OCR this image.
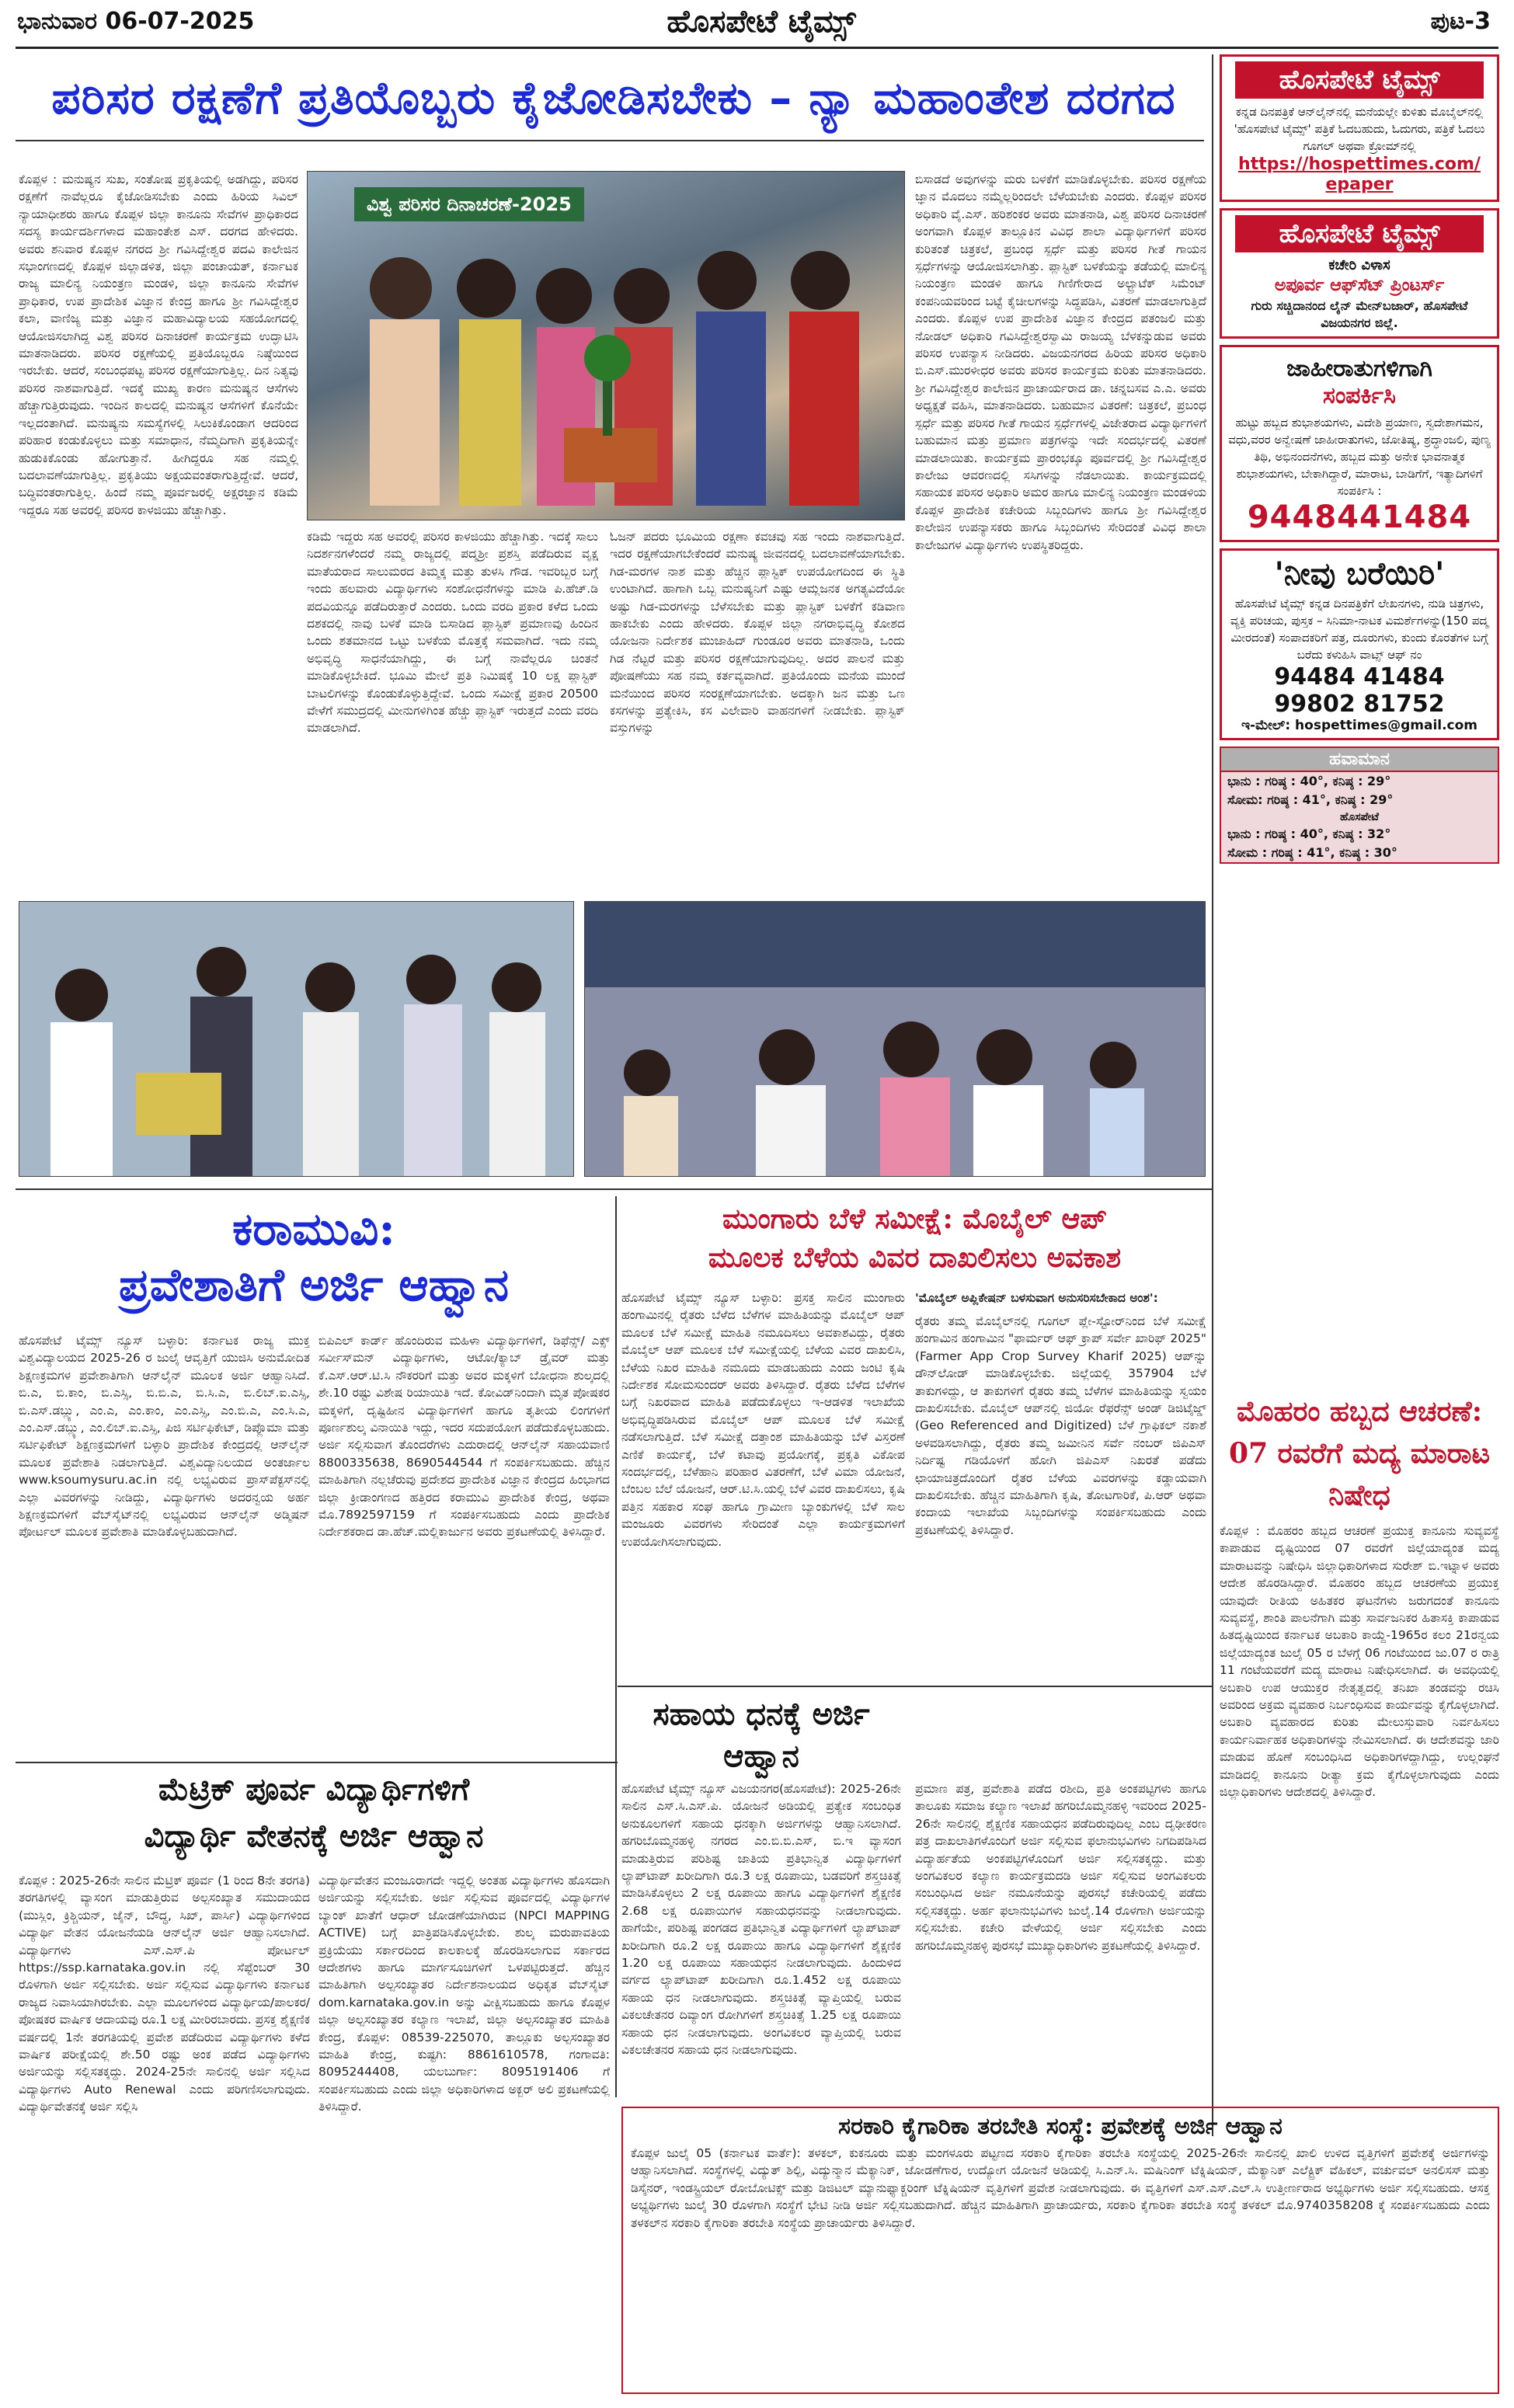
ಭಾನುವಾರ 06-07-2025	ಹೊಸಪೇಟೆ ಟೈಮ್ಸ್	ಪುಟ-3
ಪರಿಸರ ರಕ್ಷಣೆಗೆ ಪ್ರತಿಯೊಬ್ಬರು ಕೈಜೋಡಿಸಬೇಕು – ನ್ಯಾ ಮಹಾಂತೇಶ ದರಗದ
ಕೊಪ್ಪಳ : ಮನುಷ್ಯನ ಸುಖ, ಸಂತೋಷ ಪ್ರಕೃತಿಯಲ್ಲಿ ಅಡಗಿದ್ದು, ಪರಿಸರ ರಕ್ಷಣೆಗೆ ನಾವೆಲ್ಲರೂ ಕೈಜೋಡಿಸಬೇಕು ಎಂದು ಹಿರಿಯ ಸಿವಿಲ್ ನ್ಯಾಯಾಧೀಶರು ಹಾಗೂ ಕೊಪ್ಪಳ ಜಿಲ್ಲಾ ಕಾನೂನು ಸೇವೆಗಳ ಪ್ರಾಧಿಕಾರದ ಸದಸ್ಯ ಕಾರ್ಯದರ್ಶಿಗಳಾದ ಮಹಾಂತೇಶ ಎಸ್. ದರಗದ ಹೇಳಿದರು. ಅವರು ಶನಿವಾರ ಕೊಪ್ಪಳ ನಗರದ ಶ್ರೀ ಗವಿಸಿದ್ದೇಶ್ವರ ಪದವಿ ಕಾಲೇಜಿನ ಸಭಾಂಗಣದಲ್ಲಿ ಕೊಪ್ಪಳ ಜಿಲ್ಲಾಡಳಿತ, ಜಿಲ್ಲಾ ಪಂಚಾಯತ್, ಕರ್ನಾಟಕ ರಾಜ್ಯ ಮಾಲಿನ್ಯ ನಿಯಂತ್ರಣ ಮಂಡಳಿ, ಜಿಲ್ಲಾ ಕಾನೂನು ಸೇವೆಗಳ ಪ್ರಾಧಿಕಾರ, ಉಪ ಪ್ರಾದೇಶಿಕ ವಿಜ್ಞಾನ ಕೇಂದ್ರ ಹಾಗೂ ಶ್ರೀ ಗವಿಸಿದ್ದೇಶ್ವರ ಕಲಾ, ವಾಣಿಜ್ಯ ಮತ್ತು ವಿಜ್ಞಾನ ಮಹಾವಿದ್ಯಾಲಯ ಸಹಯೋಗದಲ್ಲಿ ಆಯೋಜಿಸಲಾಗಿದ್ದ ವಿಶ್ವ ಪರಿಸರ ದಿನಾಚರಣೆ ಕಾರ್ಯಕ್ರಮ ಉದ್ಘಾಟಿಸಿ ಮಾತನಾಡಿದರು. ಪರಿಸರ ರಕ್ಷಣೆಯಲ್ಲಿ ಪ್ರತಿಯೊಬ್ಬರೂ ನಿಷ್ಠೆಯಿಂದ ಇರಬೇಕು. ಆದರೆ, ಸಂಬಂಧಪಟ್ಟ ಪರಿಸರ ರಕ್ಷಣೆಯಾಗುತ್ತಿಲ್ಲ. ದಿನ ನಿತ್ಯವು ಪರಿಸರ ನಾಶವಾಗುತ್ತಿದೆ. ಇದಕ್ಕೆ ಮುಖ್ಯ ಕಾರಣ ಮನುಷ್ಯನ ಆಸೆಗಳು ಹೆಚ್ಚಾಗುತ್ತಿರುವುದು. ಇಂದಿನ ಕಾಲದಲ್ಲಿ ಮನುಷ್ಯನ ಆಸೆಗಳಿಗೆ ಕೊನೆಯೇ ಇಲ್ಲದಂತಾಗಿದೆ. ಮನುಷ್ಯನು ಸಮಸ್ಯೆಗಳಲ್ಲಿ ಸಿಲುಕಿಕೊಂಡಾಗ ಆದರಿಂದ ಪರಿಹಾರ ಕಂಡುಕೊಳ್ಳಲು ಮತ್ತು ಸಮಾಧಾನ, ನೆಮ್ಮದಿಗಾಗಿ ಪ್ರಕೃತಿಯನ್ನೇ ಹುಡುಕಿಕೊಂಡು ಹೋಗುತ್ತಾನೆ. ಹೀಗಿದ್ದರೂ ಸಹ ನಮ್ಮಲ್ಲಿ ಬದಲಾವಣೆಯಾಗುತ್ತಿಲ್ಲ. ಪ್ರಕೃತಿಯು ಅಕ್ಷಯವಂತರಾಗುತ್ತಿದ್ದೇವೆ. ಆದರೆ, ಬದ್ಧಿವಂತರಾಗುತ್ತಿಲ್ಲ. ಹಿಂದೆ ನಮ್ಮ ಪೂರ್ವಜರಲ್ಲಿ ಅಕ್ಷರಜ್ಞಾನ ಕಡಿಮೆ ಇದ್ದರೂ ಸಹ ಅವರಲ್ಲಿ ಪರಿಸರ ಕಾಳಜಿಯು ಹೆಚ್ಚಾಗಿತ್ತು.
ವಿಶ್ವ ಪರಿಸರ ದಿನಾಚರಣೆ-2025
ಕಡಿಮೆ ಇದ್ದರು ಸಹ ಅವರಲ್ಲಿ ಪರಿಸರ ಕಾಳಜಿಯು ಹೆಚ್ಚಾಗಿತ್ತು. ಇದಕ್ಕೆ ಸಾಲು ನಿದರ್ಶನಗಳೆಂದರೆ ನಮ್ಮ ರಾಜ್ಯದಲ್ಲಿ ಪದ್ಮಶ್ರೀ ಪ್ರಶಸ್ತಿ ಪಡೆದಿರುವ ವೃಕ್ಷ ಮಾತೆಯರಾದ ಸಾಲುಮರದ ತಿಮ್ಮಕ್ಕ ಮತ್ತು ತುಳಸಿ ಗೌಡ. ಇವರಿಬ್ಬರ ಬಗ್ಗೆ ಇಂದು ಹಲವಾರು ವಿದ್ಯಾರ್ಥಿಗಳು ಸಂಶೋಧನೆಗಳನ್ನು ಮಾಡಿ ಪಿ.ಹೆಚ್.ಡಿ ಪದವಿಯನ್ನೂ ಪಡೆದಿರುತ್ತಾರೆ ಎಂದರು. ಒಂದು ವರದಿ ಪ್ರಕಾರ ಕಳೆದ ಒಂದು ದಶಕದಲ್ಲಿ ನಾವು ಬಳಕೆ ಮಾಡಿ ಬಿಸಾಡಿದ ಪ್ಲಾಸ್ಟಿಕ್ ಪ್ರಮಾಣವು ಹಿಂದಿನ ಒಂದು ಶತಮಾನದ ಒಟ್ಟು ಬಳಕೆಯ ಮೊತ್ತಕ್ಕೆ ಸಮವಾಗಿದೆ. ಇದು ನಮ್ಮ ಅಭಿವೃದ್ಧಿ ಸಾಧನೆಯಾಗಿದ್ದು, ಈ ಬಗ್ಗೆ ನಾವೆಲ್ಲರೂ ಚಿಂತನೆ ಮಾಡಿಕೊಳ್ಳಬೇಕಿದೆ. ಭೂಮಿ ಮೇಲೆ ಪ್ರತಿ ನಿಮಿಷಕ್ಕೆ 10 ಲಕ್ಷ ಪ್ಲಾಸ್ಟಿಕ್ ಬಾಟಲಿಗಳನ್ನು ಕೊಂಡುಕೊಳ್ಳುತ್ತಿದ್ದೇವೆ. ಒಂದು ಸಮೀಕ್ಷೆ ಪ್ರಕಾರ 20500 ವೇಳೆಗೆ ಸಮುದ್ರದಲ್ಲಿ ಮೀನುಗಳಿಗಿಂತ ಹೆಚ್ಚು ಪ್ಲಾಸ್ಟಿಕ್ ಇರುತ್ತದೆ ಎಂದು ವರದಿ ಮಾಡಲಾಗಿದೆ.
ಓಜನ್ ಪದರು ಭೂಮಿಯ ರಕ್ಷಣಾ ಕವಚವು ಸಹ ಇಂದು ನಾಶವಾಗುತ್ತಿದೆ. ಇದರ ರಕ್ಷಣೆಯಾಗಬೇಕೆಂದರೆ ಮನುಷ್ಯ ಜೀವನದಲ್ಲಿ ಬದಲಾವಣೆಯಾಗಬೇಕು. ಗಿಡ-ಮರಗಳ ನಾಶ ಮತ್ತು ಹೆಚ್ಚಿನ ಪ್ಲಾಸ್ಟಿಕ್ ಉಪಯೋಗದಿಂದ ಈ ಸ್ಥಿತಿ ಉಂಟಾಗಿದೆ. ಹಾಗಾಗಿ ಒಬ್ಬ ಮನುಷ್ಯನಿಗೆ ಎಷ್ಟು ಆಮ್ಲಜನಕ ಅಗತ್ಯವಿದೆಯೋ ಅಷ್ಟು ಗಿಡ-ಮರಗಳನ್ನು ಬೆಳೆಸಬೇಕು ಮತ್ತು ಪ್ಲಾಸ್ಟಿಕ್ ಬಳಕೆಗೆ ಕಡಿವಾಣ ಹಾಕಬೇಕು ಎಂದು ಹೇಳಿದರು. ಕೊಪ್ಪಳ ಜಿಲ್ಲಾ ನಗರಾಭಿವೃದ್ಧಿ ಕೋಶದ ಯೋಜನಾ ನಿರ್ದೇಶಕ ಮುಜಾಹಿದ್ ಗುಂಡೂರ ಅವರು ಮಾತನಾಡಿ, ಒಂದು ಗಿಡ ನೆಟ್ಟರೆ ಮತ್ತು ಪರಿಸರ ರಕ್ಷಣೆಯಾಗುವುದಿಲ್ಲ. ಅದರ ಪಾಲನೆ ಮತ್ತು ಪೋಷಣೆಯು ಸಹ ನಮ್ಮ ಕರ್ತವ್ಯವಾಗಿದೆ. ಪ್ರತಿಯೊಂದು ಮನೆಯ ಮುಂದೆ ಮನೆಯಿಂದ ಪರಿಸರ ಸಂರಕ್ಷಣೆಯಾಗಬೇಕು. ಅದಕ್ಕಾಗಿ ಜನ ಮತ್ತು ಒಣ ಕಸಗಳನ್ನು ಪ್ರತ್ಯೇಕಿಸಿ, ಕಸ ವಿಲೇವಾರಿ ವಾಹನಗಳಿಗೆ ನೀಡಬೇಕು. ಪ್ಲಾಸ್ಟಿಕ್ ವಸ್ತುಗಳನ್ನು
ಬಿಸಾಡದೆ ಅವುಗಳನ್ನು ಮರು ಬಳಕೆಗೆ ಮಾಡಿಕೊಳ್ಳಬೇಕು. ಪರಿಸರ ರಕ್ಷಣೆಯ ಜ್ಞಾನ ಮೊದಲು ನಮ್ಮೆಲ್ಲರಿಂದಲೇ ಬೆಳೆಯಬೇಕು ಎಂದರು. ಕೊಪ್ಪಳ ಪರಿಸರ ಅಧಿಕಾರಿ ವೈ.ಎಸ್. ಹರಿಶಂಕರ ಅವರು ಮಾತನಾಡಿ, ವಿಶ್ವ ಪರಿಸರ ದಿನಾಚರಣೆ ಅಂಗವಾಗಿ ಕೊಪ್ಪಳ ತಾಲ್ಲೂಕಿನ ವಿವಿಧ ಶಾಲಾ ವಿದ್ಯಾರ್ಥಿಗಳಿಗೆ ಪರಿಸರ ಕುರಿತಂತೆ ಚಿತ್ರಕಲೆ, ಪ್ರಬಂಧ ಸ್ಪರ್ಧೆ ಮತ್ತು ಪರಿಸರ ಗೀತೆ ಗಾಯನ ಸ್ಪರ್ಧೆಗಳನ್ನು ಆಯೋಜಿಸಲಾಗಿತ್ತು. ಪ್ಲಾಸ್ಟಿಕ್ ಬಳಕೆಯನ್ನು ತಡೆಯಲ್ಲಿ ಮಾಲಿನ್ಯ ನಿಯಂತ್ರಣ ಮಂಡಳಿ ಹಾಗೂ ಗಿಣಿಗೇರಾದ ಅಲ್ಟ್ರಾಟೆಕ್ ಸಿಮೆಂಟ್ ಕಂಪನಿಯವರಿಂದ ಬಟ್ಟೆ ಕೈಚೀಲಗಳನ್ನು ಸಿದ್ಧಪಡಿಸಿ, ವಿತರಣೆ ಮಾಡಲಾಗುತ್ತಿದೆ ಎಂದರು. ಕೊಪ್ಪಳ ಉಪ ಪ್ರಾದೇಶಿಕ ವಿಜ್ಞಾನ ಕೇಂದ್ರದ ಪತಂಜಲಿ ಮತ್ತು ನೋಡಲ್ ಅಧಿಕಾರಿ ಗವಿಸಿದ್ದೇಶ್ವರಸ್ವಾಮಿ ರಾಜಯ್ಯ ಬೆಳಕನ್ನುಡುವ ಅವರು ಪರಿಸರ ಉಪನ್ಯಾಸ ನೀಡಿದರು. ವಿಜಯನಗರದ ಹಿರಿಯ ಪರಿಸರ ಅಧಿಕಾರಿ ಬಿ.ಎಸ್.ಮುರಳೀಧರ ಅವರು ಪರಿಸರ ಕಾರ್ಯಕ್ರಮ ಕುರಿತು ಮಾತನಾಡಿದರು. ಶ್ರೀ ಗವಿಸಿದ್ದೇಶ್ವರ ಕಾಲೇಜಿನ ಪ್ರಾಚಾರ್ಯರಾದ ಡಾ. ಚನ್ನಬಸವ ಎ.ಎ. ಅವರು ಅಧ್ಯಕ್ಷತೆ ವಹಿಸಿ, ಮಾತನಾಡಿದರು. ಬಹುಮಾನ ವಿತರಣೆ: ಚಿತ್ರಕಲೆ, ಪ್ರಬಂಧ ಸ್ಪರ್ಧೆ ಮತ್ತು ಪರಿಸರ ಗೀತೆ ಗಾಯನ ಸ್ಪರ್ಧೆಗಳಲ್ಲಿ ವಿಜೇತರಾದ ವಿದ್ಯಾರ್ಥಿಗಳಿಗೆ ಬಹುಮಾನ ಮತ್ತು ಪ್ರಮಾಣ ಪತ್ರಗಳನ್ನು ಇದೇ ಸಂದರ್ಭದಲ್ಲಿ ವಿತರಣೆ ಮಾಡಲಾಯಿತು. ಕಾರ್ಯಕ್ರಮ ಪ್ರಾರಂಭಕ್ಕೂ ಪೂರ್ವದಲ್ಲಿ ಶ್ರೀ ಗವಿಸಿದ್ದೇಶ್ವರ ಕಾಲೇಜು ಆವರಣದಲ್ಲಿ ಸಸಿಗಳನ್ನು ನೆಡಲಾಯಿತು. ಕಾರ್ಯಕ್ರಮದಲ್ಲಿ ಸಹಾಯಕ ಪರಿಸರ ಅಧಿಕಾರಿ ಅಮರ ಹಾಗೂ ಮಾಲಿನ್ಯ ನಿಯಂತ್ರಣ ಮಂಡಳಿಯ ಕೊಪ್ಪಳ ಪ್ರಾದೇಶಿಕ ಕಚೇರಿಯ ಸಿಬ್ಬಂದಿಗಳು ಹಾಗೂ ಶ್ರೀ ಗವಿಸಿದ್ದೇಶ್ವರ ಕಾಲೇಜಿನ ಉಪನ್ಯಾಸಕರು ಹಾಗೂ ಸಿಬ್ಬಂದಿಗಳು ಸೇರಿದಂತೆ ವಿವಿಧ ಶಾಲಾ ಕಾಲೇಜುಗಳ ವಿದ್ಯಾರ್ಥಿಗಳು ಉಪಸ್ಥಿತರಿದ್ದರು.
ಹೊಸಪೇಟೆ ಟೈಮ್ಸ್
ಕನ್ನಡ ದಿನಪತ್ರಿಕೆ ಆನ್‌ಲೈನ್‌ನಲ್ಲಿ ಮನೆಯಲ್ಲೇ ಕುಳಿತು ಮೊಬೈಲ್‌ನಲ್ಲಿ 'ಹೊಸಪೇಟೆ ಟೈಮ್ಸ್' ಪತ್ರಿಕೆ ಓದಬಹುದು, ಓದುಗರು, ಪತ್ರಿಕೆ ಓದಲು ಗೂಗಲ್ ಅಥವಾ ಕ್ರೋಮ್‌ನಲ್ಲಿ
https://hospettimes.com/ epaper
ಹೊಸಪೇಟೆ ಟೈಮ್ಸ್
ಕಚೇರಿ ವಿಳಾಸ
ಅಪೂರ್ವ ಆಫ್‌ಸೆಟ್ ಪ್ರಿಂಟರ್ಸ್
ಗುರು ಸಚ್ಚಿದಾನಂದ ಲೈನ್ ಮೇನ್‌ಬಜಾರ್, ಹೊಸಪೇಟೆ ವಿಜಯನಗರ ಜಿಲ್ಲೆ.
ಜಾಹೀರಾತುಗಳಿಗಾಗಿ
ಸಂಪರ್ಕಿಸಿ
ಹುಟ್ಟು ಹಬ್ಬದ ಶುಭಾಶಯಗಳು, ವಿದೇಶಿ ಪ್ರಯಾಣ, ಸ್ವದೇಶಾಗಮನ, ವಧು,ವರರ ಅನ್ವೇಷಣೆ ಜಾಹೀರಾತುಗಳು, ಜೋತಿಷ್ಯ, ಶ್ರದ್ಧಾಂಜಲಿ, ಪುಣ್ಯ ತಿಥಿ, ಅಭಿನಂದನೆಗಳು, ಹಬ್ಬದ ಮತ್ತು ಅನೇಕ ಭಾವನಾತ್ಮಕ ಶುಭಾಶಯಗಳು, ಬೇಕಾಗಿದ್ದಾರೆ, ಮಾರಾಟ, ಬಾಡಿಗೆಗೆ, ಇತ್ಯಾದಿಗಳಿಗೆ ಸಂಪರ್ಕಿಸಿ :
9448441484
'ನೀವು ಬರೆಯಿರಿ'
ಹೊಸಪೇಟೆ ಟೈಮ್ಸ್ ಕನ್ನಡ ದಿನಪತ್ರಿಕೆಗೆ ಲೇಖನಗಳು, ನುಡಿ ಚಿತ್ರಗಳು, ವ್ಯಕ್ತಿ ಪರಿಚಯ, ಪುಸ್ತಕ – ಸಿನಿಮಾ-ನಾಟಕ ವಿಮರ್ಶೆಗಳನ್ನು(150 ಪದ್ಮ ಮೀರದಂತೆ) ಸಂಪಾದಕರಿಗೆ ಪತ್ರ, ದೂರುಗಳು, ಕುಂದು ಕೊರತೆಗಳ ಬಗ್ಗೆ ಬರೆದು ಕಳುಹಿಸಿ ವಾಟ್ಸ್ ಆಫ್ ನಂ
94484 41484
99802 81752
ಇ-ಮೇಲ್: hospettimes@gmail.com
ಹವಾಮಾನ
ಭಾನು : ಗರಿಷ್ಠ : 40°, ಕನಿಷ್ಠ : 29°
ಸೋಮ: ಗರಿಷ್ಠ : 41°, ಕನಿಷ್ಠ : 29°
ಹೊಸಪೇಟೆ
ಭಾನು : ಗರಿಷ್ಠ : 40°, ಕನಿಷ್ಠ : 32°
ಸೋಮ : ಗರಿಷ್ಠ : 41°, ಕನಿಷ್ಠ : 30°
ಮೊಹರಂ ಹಬ್ಬದ ಆಚರಣೆ: 07 ರವರೆಗೆ ಮದ್ಯ ಮಾರಾಟ ನಿಷೇಧ
ಕೊಪ್ಪಳ : ಮೊಹರಂ ಹಬ್ಬದ ಆಚರಣೆ ಪ್ರಯುಕ್ತ ಕಾನೂನು ಸುವ್ಯವಸ್ಥೆ ಕಾಪಾಡುವ ದೃಷ್ಟಿಯಿಂದ 07 ರವರೆಗೆ ಜಿಲ್ಲೆಯಾದ್ಯಂತ ಮದ್ಯ ಮಾರಾಟವನ್ನು ನಿಷೇಧಿಸಿ ಜಿಲ್ಲಾಧಿಕಾರಿಗಳಾದ ಸುರೇಶ್ ಬಿ.ಇಟ್ನಾಳ ಅವರು ಆದೇಶ ಹೊರಡಿಸಿದ್ದಾರೆ. ಮೊಹರಂ ಹಬ್ಬದ ಆಚರಣೆಯ ಪ್ರಯುಕ್ತ ಯಾವುದೇ ರೀತಿಯ ಅಹಿತಕರ ಘಟನೆಗಳು ಜರುಗದಂತೆ ಕಾನೂನು ಸುವ್ಯವಸ್ಥೆ, ಶಾಂತಿ ಪಾಲನೆಗಾಗಿ ಮತ್ತು ಸಾರ್ವಜನಿಕರ ಹಿತಾಸಕ್ತಿ ಕಾಪಾಡುವ ಹಿತದೃಷ್ಟಿಯಿಂದ ಕರ್ನಾಟಕ ಅಬಕಾರಿ ಕಾಯ್ದೆ-1965ರ ಕಲಂ 21ರನ್ವಯ ಜಿಲ್ಲೆಯಾದ್ಯಂತ ಜುಲೈ 05 ರ ಬೆಳಗ್ಗೆ 06 ಗಂಟೆಯಿಂದ ಜು.07 ರ ರಾತ್ರಿ 11 ಗಂಟೆಯವರೆಗೆ ಮದ್ಯ ಮಾರಾಟ ನಿಷೇಧಿಸಲಾಗಿದೆ. ಈ ಅವಧಿಯಲ್ಲಿ ಅಬಕಾರಿ ಉಪ ಆಯುಕ್ತರ ನೇತೃತ್ವದಲ್ಲಿ ತನಿಖಾ ತಂಡವನ್ನು ರಚಿಸಿ ಅವರಿಂದ ಅಕ್ರಮ ವ್ಯವಹಾರ ನಿರ್ಬಂಧಿಸುವ ಕಾರ್ಯವನ್ನು ಕೈಗೊಳ್ಳಲಾಗಿದೆ. ಅಬಕಾರಿ ವ್ಯವಹಾರದ ಕುರಿತು ಮೇಲುಸ್ತುವಾರಿ ನಿರ್ವಹಿಸಲು ಕಾರ್ಯನಿರ್ವಾಹಕ ಅಧಿಕಾರಿಗಳನ್ನು ನೇಮಿಸಲಾಗಿದೆ. ಈ ಆದೇಶವನ್ನು ಜಾರಿ ಮಾಡುವ ಹೊಣೆ ಸಂಬಂಧಿಸಿದ ಅಧಿಕಾರಿಗಳದ್ದಾಗಿದ್ದು, ಉಲ್ಲಂಘನೆ ಮಾಡಿದಲ್ಲಿ ಕಾನೂನು ರೀತ್ಯಾ ಕ್ರಮ ಕೈಗೊಳ್ಳಲಾಗುವುದು ಎಂದು ಜಿಲ್ಲಾಧಿಕಾರಿಗಳು ಆದೇಶದಲ್ಲಿ ತಿಳಿಸಿದ್ದಾರೆ.
ಕರಾಮುವಿ:
ಪ್ರವೇಶಾತಿಗೆ ಅರ್ಜಿ ಆಹ್ವಾನ
ಹೊಸಪೇಟೆ ಟೈಮ್ಸ್ ನ್ಯೂಸ್ ಬಳ್ಳಾರಿ: ಕರ್ನಾಟಕ ರಾಜ್ಯ ಮುಕ್ತ ವಿಶ್ವವಿದ್ಯಾಲಯದ 2025-26 ರ ಜುಲೈ ಆವೃತ್ತಿಗೆ ಯುಜಿಸಿ ಅನುಮೋದಿತ ಶಿಕ್ಷಣಕ್ರಮಗಳ ಪ್ರವೇಶಾತಿಗಾಗಿ ಆನ್‌ಲೈನ್ ಮೂಲಕ ಅರ್ಜಿ ಆಹ್ವಾನಿಸಿದೆ. ಬಿ.ಎ, ಬಿ.ಕಾಂ, ಬಿ.ಎಸ್ಸಿ, ಬಿ.ಬಿ.ಎ, ಬಿ.ಸಿ.ಎ, ಬಿ.ಲಿಬ್.ಐ.ಎಸ್ಸಿ, ಬಿ.ಎಸ್.ಡಬ್ಲ್ಯು, ಎಂ.ಎ, ಎಂ.ಕಾಂ, ಎಂ.ಎಸ್ಸಿ, ಎಂ.ಬಿ.ಎ, ಎಂ.ಸಿ.ಎ, ಎಂ.ಎಸ್.ಡಬ್ಲ್ಯು, ಎಂ.ಲಿಬ್.ಐ.ಎಸ್ಸಿ, ಪಿಜಿ ಸರ್ಟಿಫಿಕೇಟ್, ಡಿಪ್ಲೊಮಾ ಮತ್ತು ಸರ್ಟಿಫಿಕೇಟ್ ಶಿಕ್ಷಣಕ್ರಮಗಳಿಗೆ ಬಳ್ಳಾರಿ ಪ್ರಾದೇಶಿಕ ಕೇಂದ್ರದಲ್ಲಿ ಆನ್‌ಲೈನ್ ಮೂಲಕ ಪ್ರವೇಶಾತಿ ನಿಡಲಾಗುತ್ತಿದೆ. ವಿಶ್ವವಿದ್ಯಾನಿಲಯದ ಅಂತರ್ಜಾಲ www.ksoumysuru.ac.in ನಲ್ಲಿ ಲಭ್ಯವಿರುವ ಪ್ರಾಸ್‌ಪೆಕ್ಟಸ್‌ನಲ್ಲಿ ಎಲ್ಲಾ ವಿವರಗಳನ್ನು ನೀಡಿದ್ದು, ವಿದ್ಯಾರ್ಥಿಗಳು ಅದರನ್ವಯ ಅರ್ಹ ಶಿಕ್ಷಣಕ್ರಮಗಳಿಗೆ ವೆಬ್‌ಸೈಟ್‌ನಲ್ಲಿ ಲಭ್ಯವಿರುವ ಆನ್‌ಲೈನ್ ಅಡ್ಮಿಷನ್ ಪೋರ್ಟಲ್ ಮೂಲಕ ಪ್ರವೇಶಾತಿ ಮಾಡಿಕೊಳ್ಳಬಹುದಾಗಿದೆ.
ಬಿಪಿಎಲ್ ಕಾರ್ಡ್ ಹೊಂದಿರುವ ಮಹಿಳಾ ವಿದ್ಯಾರ್ಥಿಗಳಿಗೆ, ಡಿಫೆನ್ಸ್/ ಎಕ್ಸ್ ಸರ್ವೀಸ್‌ಮನ್ ವಿದ್ಯಾರ್ಥಿಗಳು, ಆಟೋ/ಕ್ಯಾಬ್ ಡ್ರೈವರ್ ಮತ್ತು ಕೆ.ಎಸ್.ಆರ್.ಟಿ.ಸಿ ನೌಕರರಿಗೆ ಮತ್ತು ಅವರ ಮಕ್ಕಳಿಗೆ ಬೋಧನಾ ಶುಲ್ಕದಲ್ಲಿ ಶೇ.10 ರಷ್ಟು ವಿಶೇಷ ರಿಯಾಯಿತಿ ಇದೆ. ಕೋವಿಡ್‌ನಿಂದಾಗಿ ಮೃತ ಪೋಷಕರ ಮಕ್ಕಳಿಗೆ, ದೃಷ್ಟಿಹೀನ ವಿದ್ಯಾರ್ಥಿಗಳಿಗೆ ಹಾಗೂ ತೃತೀಯ ಲಿಂಗಗಳಿಗೆ ಪೂರ್ಣಶುಲ್ಕ ವಿನಾಯಿತಿ ಇದ್ದು, ಇದರ ಸದುಪಯೋಗ ಪಡೆದುಕೊಳ್ಳಬಹುದು. ಅರ್ಜಿ ಸಲ್ಲಿಸುವಾಗ ತೊಂದರೆಗಳು ಎದುರಾದಲ್ಲಿ ಆನ್‌ಲೈನ್ ಸಹಾಯವಾಣಿ 8800335638, 8690544544 ಗೆ ಸಂಪರ್ಕಿಸಬಹುದು. ಹೆಚ್ಚಿನ ಮಾಹಿತಿಗಾಗಿ ನಲ್ಲಚೆರುವು ಪ್ರದೇಶದ ಪ್ರಾದೇಶಿಕ ವಿಜ್ಞಾನ ಕೇಂದ್ರದ ಹಿಂಭಾಗದ ಜಿಲ್ಲಾ ಕ್ರೀಡಾಂಗಣದ ಹತ್ತಿರದ ಕರಾಮುವಿ ಪ್ರಾದೇಶಿಕ ಕೇಂದ್ರ, ಅಥವಾ ಮೊ.7892597159 ಗೆ ಸಂಪರ್ಕಿಸಬಹುದು ಎಂದು ಪ್ರಾದೇಶಿಕ ನಿರ್ದೇಶಕರಾದ ಡಾ.ಹೆಚ್.ಮಲ್ಲಿಕಾರ್ಜುನ ಅವರು ಪ್ರಕಟಣೆಯಲ್ಲಿ ತಿಳಿಸಿದ್ದಾರೆ.
ಮುಂಗಾರು ಬೆಳೆ ಸಮೀಕ್ಷೆ: ಮೊಬೈಲ್ ಆಪ್
ಮೂಲಕ ಬೆಳೆಯ ವಿವರ ದಾಖಲಿಸಲು ಅವಕಾಶ
ಹೊಸಪೇಟೆ ಟೈಮ್ಸ್ ನ್ಯೂಸ್ ಬಳ್ಳಾರಿ: ಪ್ರಸಕ್ತ ಸಾಲಿನ ಮುಂಗಾರು ಹಂಗಾಮಿನಲ್ಲಿ ರೈತರು ಬೆಳೆದ ಬೆಳೆಗಳ ಮಾಹಿತಿಯನ್ನು ಮೊಬೈಲ್ ಆಪ್ ಮೂಲಕ ಬೆಳೆ ಸಮೀಕ್ಷೆ ಮಾಹಿತಿ ನಮೂದಿಸಲು ಅವಕಾಶವಿದ್ದು, ರೈತರು ಮೊಬೈಲ್ ಆಪ್ ಮೂಲಕ ಬೆಳೆ ಸಮೀಕ್ಷೆಯಲ್ಲಿ ಬೆಳೆಯ ವಿವರ ದಾಖಲಿಸಿ, ಬೆಳೆಯ ನಿಖರ ಮಾಹಿತಿ ನಮೂದು ಮಾಡಬಹುದು ಎಂದು ಜಂಟಿ ಕೃಷಿ ನಿರ್ದೇಶಕ ಸೋಮಸುಂದರ್ ಅವರು ತಿಳಿಸಿದ್ದಾರೆ. ರೈತರು ಬೆಳೆದ ಬೆಳೆಗಳ ಬಗ್ಗೆ ನಿಖರವಾದ ಮಾಹಿತಿ ಪಡೆದುಕೊಳ್ಳಲು ಇ-ಆಡಳಿತ ಇಲಾಖೆಯ ಅಭಿವೃದ್ಧಿಪಡಿಸಿರುವ ಮೊಬೈಲ್ ಆಪ್ ಮೂಲಕ ಬೆಳೆ ಸಮೀಕ್ಷೆ ನಡೆಸಲಾಗುತ್ತಿದೆ. ಬೆಳೆ ಸಮೀಕ್ಷೆ ದತ್ತಾಂಶ ಮಾಹಿತಿಯನ್ನು ಬೆಳೆ ವಿಸ್ತರಣೆ ಎಣಿಕೆ ಕಾರ್ಯಕ್ಕೆ, ಬೆಳೆ ಕಟಾವು ಪ್ರಯೋಗಕ್ಕೆ, ಪ್ರಕೃತಿ ವಿಕೋಪ ಸಂದರ್ಭದಲ್ಲಿ, ಬೆಳೆಹಾನಿ ಪರಿಹಾರ ವಿತರಣೆಗೆ, ಬೆಳೆ ವಿಮಾ ಯೋಜನೆ, ಬೆಂಬಲ ಬೆಲೆ ಯೋಜನೆ, ಆರ್.ಟಿ.ಸಿ.ಯಲ್ಲಿ ಬೆಳೆ ವಿವರ ದಾಖಲಿಸಲು, ಕೃಷಿ ಪತ್ತಿನ ಸಹಕಾರ ಸಂಘ ಹಾಗೂ ಗ್ರಾಮೀಣ ಬ್ಯಾಂಕುಗಳಲ್ಲಿ ಬೆಳೆ ಸಾಲ ಮಂಜೂರು ವಿವರಗಳು ಸೇರಿದಂತೆ ಎಲ್ಲಾ ಕಾರ್ಯಕ್ರಮಗಳಿಗೆ ಉಪಯೋಗಿಸಲಾಗುವುದು.
'ಮೊಬೈಲ್ ಅಪ್ಲಿಕೇಷನ್ ಬಳಸುವಾಗ ಅನುಸರಿಸಬೇಕಾದ ಅಂಶ':
ರೈತರು ತಮ್ಮ ಮೊಬೈಲ್‌ನಲ್ಲಿ ಗೂಗಲ್ ಪ್ಲೇ-ಸ್ಟೋರ್‌ನಿಂದ ಬೆಳೆ ಸಮೀಕ್ಷೆ ಹಂಗಾಮಿನ ಹಂಗಾಮಿನ "ಫಾರ್ಮರ್ ಆಫ್ ಕ್ರಾಪ್ ಸರ್ವೇ ಖಾರಿಫ್ 2025" (Farmer App Crop Survey Kharif 2025) ಆಪ್‌ನ್ನು ಡೌನ್‌ಲೋಡ್ ಮಾಡಿಕೊಳ್ಳಬೇಕು. ಜಿಲ್ಲೆಯಲ್ಲಿ 357904 ಬೆಳೆ ತಾಕುಗಳಿದ್ದು, ಆ ತಾಕುಗಳಿಗೆ ರೈತರು ತಮ್ಮ ಬೆಳೆಗಳ ಮಾಹಿತಿಯನ್ನು ಸ್ವಯಂ ದಾಖಲಿಸಬೇಕು. ಮೊಬೈಲ್ ಆಪ್‌ನಲ್ಲಿ ಜಿಯೋ ರೆಫರೆನ್ಸ್ ಅಂಡ್ ಡಿಜಿಟೈಜ್ಡ್ (Geo Referenced and Digitized) ಬೆಳೆ ಗ್ರಾಫಿಕಲ್ ನಕಾಶೆ ಅಳವಡಿಸಲಾಗಿದ್ದು, ರೈತರು ತಮ್ಮ ಜಮೀನಿನ ಸರ್ವೆ ನಂಬರ್ ಜಿಪಿಎಸ್ ನಿರ್ದಿಷ್ಟ ಗಡಿಯೊಳಗೆ ಹೋಗಿ ಜಿಪಿಎಸ್ ನಿಖರತೆ ಪಡೆದು ಛಾಯಾಚಿತ್ರದೊಂದಿಗೆ ರೈತರ ಬೆಳೆಯ ವಿವರಗಳನ್ನು ಕಡ್ಡಾಯವಾಗಿ ದಾಖಲಿಸಬೇಕು. ಹೆಚ್ಚಿನ ಮಾಹಿತಿಗಾಗಿ ಕೃಷಿ, ತೋಟಗಾರಿಕೆ, ಪಿ.ಆರ್ ಅಥವಾ ಕಂದಾಯ ಇಲಾಖೆಯ ಸಿಬ್ಬಂದಿಗಳನ್ನು ಸಂಪರ್ಕಿಸಬಹುದು ಎಂದು ಪ್ರಕಟಣೆಯಲ್ಲಿ ತಿಳಿಸಿದ್ದಾರೆ.
ಸಹಾಯ ಧನಕ್ಕೆ ಅರ್ಜಿ ಆಹ್ವಾನ
ಹೊಸಪೇಟೆ ಟೈಮ್ಸ್ ನ್ಯೂಸ್ ವಿಜಯನಗರ(ಹೊಸಪೇಟೆ): 2025-26ನೇ ಸಾಲಿನ ಎಸ್.ಸಿ.ಎಸ್.ಪಿ. ಯೋಜನೆ ಅಡಿಯಲ್ಲಿ ಪ್ರತ್ಯೇಕ ಸಂಬಂಧಿತ ಅನುಕೂಲಗಳಿಗೆ ಸಹಾಯ ಧನಕ್ಕಾಗಿ ಅರ್ಜಿಗಳನ್ನು ಆಹ್ವಾನಿಸಲಾಗಿದೆ. ಹಗರಿಬೊಮ್ಮನಹಳ್ಳಿ ನಗರದ ಎಂ.ಬಿ.ಬಿ.ಎಸ್, ಬಿ.ಇ ವ್ಯಾಸಂಗ ಮಾಡುತ್ತಿರುವ ಪರಿಶಿಷ್ಟ ಜಾತಿಯ ಪ್ರತಿಭಾನ್ವಿತ ವಿದ್ಯಾರ್ಥಿಗಳಿಗೆ ಲ್ಯಾಪ್‌ಟಾಪ್ ಖರೀದಿಗಾಗಿ ರೂ.3 ಲಕ್ಷ ರೂಪಾಯಿ, ಬಡವರಿಗೆ ಶಸ್ತ್ರಚಿಕಿತ್ಸೆ ಮಾಡಿಸಿಕೊಳ್ಳಲು 2 ಲಕ್ಷ ರೂಪಾಯಿ ಹಾಗೂ ವಿದ್ಯಾರ್ಥಿಗಳಿಗೆ ಶೈಕ್ಷಣಿಕ 2.68 ಲಕ್ಷ ರೂಪಾಯಿಗಳ ಸಹಾಯಧನವನ್ನು ನೀಡಲಾಗುವುದು. ಹಾಗೆಯೇ, ಪರಿಶಿಷ್ಟ ಪಂಗಡದ ಪ್ರತಿಭಾನ್ವಿತ ವಿದ್ಯಾರ್ಥಿಗಳಿಗೆ ಲ್ಯಾಪ್‌ಟಾಪ್ ಖರೀದಿಗಾಗಿ ರೂ.2 ಲಕ್ಷ ರೂಪಾಯಿ ಹಾಗೂ ವಿದ್ಯಾರ್ಥಿಗಳಿಗೆ ಶೈಕ್ಷಣಿಕ 1.20 ಲಕ್ಷ ರೂಪಾಯಿ ಸಹಾಯಧನ ನೀಡಲಾಗುವುದು. ಹಿಂದುಳಿದ ವರ್ಗದ ಲ್ಯಾಪ್‌ಟಾಪ್ ಖರೀದಿಗಾಗಿ ರೂ.1.452 ಲಕ್ಷ ರೂಪಾಯಿ ಸಹಾಯ ಧನ ನೀಡಲಾಗುವುದು. ಶಸ್ತ್ರಚಿಕಿತ್ಸೆ ವ್ಯಾಪ್ತಿಯಲ್ಲಿ ಬರುವ ವಿಕಲಚೇತನರ ದಿವ್ಯಾಂಗ ರೋಗಿಗಳಿಗೆ ಶಸ್ತ್ರಚಿಕಿತ್ಸೆ 1.25 ಲಕ್ಷ ರೂಪಾಯಿ ಸಹಾಯ ಧನ ನೀಡಲಾಗುವುದು. ಅಂಗವಿಕಲರ ವ್ಯಾಪ್ತಿಯಲ್ಲಿ ಬರುವ ವಿಕಲಚೇತನರ ಸಹಾಯ ಧನ ನೀಡಲಾಗುವುದು.
ಪ್ರಮಾಣ ಪತ್ರ, ಪ್ರವೇಶಾತಿ ಪಡೆದ ರಶೀದಿ, ಪ್ರತಿ ಅಂಕಪಟ್ಟಿಗಳು ಹಾಗೂ ತಾಲೂಕು ಸಮಾಜ ಕಲ್ಯಾಣ ಇಲಾಖೆ ಹಗರಿಬೊಮ್ಮನಹಳ್ಳಿ ಇವರಿಂದ 2025-26ನೇ ಸಾಲಿನಲ್ಲಿ ಶೈಕ್ಷಣಿಕ ಸಹಾಯಧನ ಪಡೆದಿರುವುದಿಲ್ಲ ಎಂಬ ದೃಢೀಕರಣ ಪತ್ರ ದಾಖಲಾತಿಗಳೊಂದಿಗೆ ಅರ್ಜಿ ಸಲ್ಲಿಸುವ ಫಲಾನುಭವಿಗಳು ನಿಗದಿಪಡಿಸಿದ ವಿದ್ಯಾರ್ಹತೆಯ ಅಂಕಪಟ್ಟಿಗಳೊಂದಿಗೆ ಅರ್ಜಿ ಸಲ್ಲಿಸತಕ್ಕದ್ದು. ಮತ್ತು ಅಂಗವಿಕಲರ ಕಲ್ಯಾಣ ಕಾರ್ಯಕ್ರಮದಡಿ ಅರ್ಜಿ ಸಲ್ಲಿಸುವ ಅಂಗವಿಕಲರು ಸಂಬಂಧಿಸಿದ ಅರ್ಜಿ ನಮೂನೆಯನ್ನು ಪುರಸಭೆ ಕಚೇರಿಯಲ್ಲಿ ಪಡೆದು ಸಲ್ಲಿಸತಕ್ಕದ್ದು. ಅರ್ಹ ಫಲಾನುಭವಿಗಳು ಜುಲೈ.14 ರೊಳಗಾಗಿ ಅರ್ಜಿಯನ್ನು ಸಲ್ಲಿಸಬೇಕು. ಕಚೇರಿ ವೇಳೆಯಲ್ಲಿ ಅರ್ಜಿ ಸಲ್ಲಿಸಬೇಕು ಎಂದು ಹಗರಿಬೊಮ್ಮನಹಳ್ಳಿ ಪುರಸಭೆ ಮುಖ್ಯಾಧಿಕಾರಿಗಳು ಪ್ರಕಟಣೆಯಲ್ಲಿ ತಿಳಿಸಿದ್ದಾರೆ.
ಮೆಟ್ರಿಕ್ ಪೂರ್ವ ವಿದ್ಯಾರ್ಥಿಗಳಿಗೆ
ವಿದ್ಯಾರ್ಥಿ ವೇತನಕ್ಕೆ ಅರ್ಜಿ ಆಹ್ವಾನ
ಕೊಪ್ಪಳ : 2025-26ನೇ ಸಾಲಿನ ಮೆಟ್ರಿಕ್ ಪೂರ್ವ (1 ರಿಂದ 8ನೇ ತರಗತಿ) ತರಗತಿಗಳಲ್ಲಿ ವ್ಯಾಸಂಗ ಮಾಡುತ್ತಿರುವ ಅಲ್ಪಸಂಖ್ಯಾತ ಸಮುದಾಯದ (ಮುಸ್ಲಿಂ, ಕ್ರಿಶ್ಚಿಯನ್, ಜೈನ್, ಬೌದ್ಧ, ಸಿಖ್, ಪಾರ್ಸಿ) ವಿದ್ಯಾರ್ಥಿಗಳಿಂದ ವಿದ್ಯಾರ್ಥಿ ವೇತನ ಯೋಜನೆಯಡಿ ಆನ್‌ಲೈನ್ ಅರ್ಜಿ ಆಹ್ವಾನಿಸಲಾಗಿದೆ. ವಿದ್ಯಾರ್ಥಿಗಳು ಎಸ್.ಎಸ್.ಪಿ ಪೋರ್ಟಲ್ https://ssp.karnataka.gov.in ನಲ್ಲಿ ಸೆಪ್ಟೆಂಬರ್ 30 ರೊಳಗಾಗಿ ಅರ್ಜಿ ಸಲ್ಲಿಸಬೇಕು. ಅರ್ಜಿ ಸಲ್ಲಿಸುವ ವಿದ್ಯಾರ್ಥಿಗಳು ಕರ್ನಾಟಕ ರಾಜ್ಯದ ನಿವಾಸಿಯಾಗಿರಬೇಕು. ಎಲ್ಲಾ ಮೂಲಗಳಿಂದ ವಿದ್ಯಾರ್ಥಿಯ/ಪಾಲಕರ/ಪೋಷಕರ ವಾರ್ಷಿಕ ಆದಾಯವು ರೂ.1 ಲಕ್ಷ ಮೀರಿರಬಾರದು. ಪ್ರಸಕ್ತ ಶೈಕ್ಷಣಿಕ ವರ್ಷದಲ್ಲಿ 1ನೇ ತರಗತಿಯಲ್ಲಿ ಪ್ರವೇಶ ಪಡೆದಿರುವ ವಿದ್ಯಾರ್ಥಿಗಳು ಕಳೆದ ವಾರ್ಷಿಕ ಪರೀಕ್ಷೆಯಲ್ಲಿ ಶೇ.50 ರಷ್ಟು ಅಂಕ ಪಡೆದ ವಿದ್ಯಾರ್ಥಿಗಳು ಅರ್ಜಿಯನ್ನು ಸಲ್ಲಿಸತಕ್ಕದ್ದು. 2024-25ನೇ ಸಾಲಿನಲ್ಲಿ ಅರ್ಜಿ ಸಲ್ಲಿಸಿದ ವಿದ್ಯಾರ್ಥಿಗಳು Auto Renewal ಎಂದು ಪರಿಗಣಿಸಲಾಗುವುದು. ವಿದ್ಯಾರ್ಥಿವೇತನಕ್ಕೆ ಅರ್ಜಿ ಸಲ್ಲಿಸಿ
ವಿದ್ಯಾರ್ಥಿವೇತನ ಮಂಜೂರಾಗದೇ ಇದ್ದಲ್ಲಿ ಅಂತಹ ವಿದ್ಯಾರ್ಥಿಗಳು ಹೊಸದಾಗಿ ಅರ್ಜಿಯನ್ನು ಸಲ್ಲಿಸಬೇಕು. ಅರ್ಜಿ ಸಲ್ಲಿಸುವ ಪೂರ್ವದಲ್ಲಿ ವಿದ್ಯಾರ್ಥಿಗಳ ಬ್ಯಾಂಕ್ ಖಾತೆಗೆ ಆಧಾರ್ ಜೋಡಣೆಯಾಗಿರುವ (NPCI MAPPING ACTIVE) ಬಗ್ಗೆ ಖಾತ್ರಿಪಡಿಸಿಕೊಳ್ಳಬೇಕು. ಶುಲ್ಕ ಮರುಪಾವತಿಯ ಪ್ರಕ್ರಿಯೆಯು ಸರ್ಕಾರದಿಂದ ಕಾಲಕಾಲಕ್ಕೆ ಹೊರಡಿಸಲಾಗುವ ಸರ್ಕಾರದ ಆದೇಶಗಳು ಹಾಗೂ ಮಾರ್ಗಸೂಚಿಗಳಿಗೆ ಒಳಪಟ್ಟಿರುತ್ತದೆ. ಹೆಚ್ಚಿನ ಮಾಹಿತಿಗಾಗಿ ಅಲ್ಪಸಂಖ್ಯಾತರ ನಿರ್ದೇಶನಾಲಯದ ಅಧಿಕೃತ ವೆಬ್‌ಸೈಟ್ dom.karnataka.gov.in ಅನ್ನು ವೀಕ್ಷಿಸಬಹುದು ಹಾಗೂ ಕೊಪ್ಪಳ ಜಿಲ್ಲಾ ಅಲ್ಪಸಂಖ್ಯಾತರ ಕಲ್ಯಾಣ ಇಲಾಖೆ, ಜಿಲ್ಲಾ ಅಲ್ಪಸಂಖ್ಯಾತರ ಮಾಹಿತಿ ಕೇಂದ್ರ, ಕೊಪ್ಪಳ: 08539-225070, ತಾಲ್ಲೂಕು ಅಲ್ಪಸಂಖ್ಯಾತರ ಮಾಹಿತಿ ಕೇಂದ್ರ, ಕುಷ್ಟಗಿ: 8861610578, ಗಂಗಾವತಿ: 8095244408, ಯಲಬುರ್ಗಾ: 8095191406 ಗೆ ಸಂಪರ್ಕಿಸಬಹುದು ಎಂದು ಜಿಲ್ಲಾ ಅಧಿಕಾರಿಗಳಾದ ಅಕ್ಬರ್ ಅಲಿ ಪ್ರಕಟಣೆಯಲ್ಲಿ ತಿಳಿಸಿದ್ದಾರೆ.
ಸರಕಾರಿ ಕೈಗಾರಿಕಾ ತರಬೇತಿ ಸಂಸ್ಥೆ: ಪ್ರವೇಶಕ್ಕೆ ಅರ್ಜಿ ಆಹ್ವಾನ
ಕೊಪ್ಪಳ ಜುಲೈ 05 (ಕರ್ನಾಟಕ ವಾರ್ತೆ): ತಳಕಲ್, ಕುಕನೂರು ಮತ್ತು ಮಂಗಳೂರು ಪಟ್ಟಣದ ಸರಕಾರಿ ಕೈಗಾರಿಕಾ ತರಬೇತಿ ಸಂಸ್ಥೆಯಲ್ಲಿ 2025-26ನೇ ಸಾಲಿನಲ್ಲಿ ಖಾಲಿ ಉಳಿದ ವೃತ್ತಿಗಳಿಗೆ ಪ್ರವೇಶಕ್ಕೆ ಅರ್ಜಿಗಳನ್ನು ಆಹ್ವಾನಿಸಲಾಗಿದೆ. ಸಂಸ್ಥೆಗಳಲ್ಲಿ ವಿದ್ಯುತ್ ಶಿಲ್ಪಿ, ವಿದ್ಯುನ್ಮಾನ ಮೆಕ್ಯಾನಿಕ್, ಜೋಡಣೆಗಾರ, ಉದ್ಯೋಗ ಯೋಜನೆ ಅಡಿಯಲ್ಲಿ ಸಿ.ಎನ್.ಸಿ. ಮಷಿನಿಂಗ್ ಟೆಕ್ನಿಷಿಯನ್, ಮೆಕ್ಯಾನಿಕ್ ಎಲೆಕ್ಟ್ರಿಕ್ ವೆಹಿಕಲ್, ವರ್ಚುವಲ್ ಅನಲಿಸಸ್ ಮತ್ತು ಡಿಸೈನರ್, ಇಂಡಸ್ಟ್ರಿಯಲ್ ರೋಬೋಟಿಕ್ಸ್ ಮತ್ತು ಡಿಜಿಟಲ್ ಮ್ಯಾನುಫ್ಯಾಕ್ಚರಿಂಗ್ ಟೆಕ್ನಿಷಿಯನ್ ವೃತ್ತಿಗಳಿಗೆ ಪ್ರವೇಶ ನೀಡಲಾಗುವುದು. ಈ ವೃತ್ತಿಗಳಿಗೆ ಎಸ್.ಎಸ್.ಎಲ್.ಸಿ ಉತ್ತೀರ್ಣರಾದ ಅಭ್ಯರ್ಥಿಗಳು ಅರ್ಜಿ ಸಲ್ಲಿಸಬಹುದು. ಆಸಕ್ತ ಅಭ್ಯರ್ಥಿಗಳು ಜುಲೈ 30 ರೊಳಗಾಗಿ ಸಂಸ್ಥೆಗೆ ಭೇಟಿ ನೀಡಿ ಅರ್ಜಿ ಸಲ್ಲಿಸಬಹುದಾಗಿದೆ. ಹೆಚ್ಚಿನ ಮಾಹಿತಿಗಾಗಿ ಪ್ರಾಚಾರ್ಯರು, ಸರಕಾರಿ ಕೈಗಾರಿಕಾ ತರಬೇತಿ ಸಂಸ್ಥೆ ತಳಕಲ್ ಮೊ.9740358208 ಕ್ಕೆ ಸಂಪರ್ಕಿಸಬಹುದು ಎಂದು ತಳಕಲ್‌ನ ಸರಕಾರಿ ಕೈಗಾರಿಕಾ ತರಬೇತಿ ಸಂಸ್ಥೆಯ ಪ್ರಾಚಾರ್ಯರು ತಿಳಿಸಿದ್ದಾರೆ.
